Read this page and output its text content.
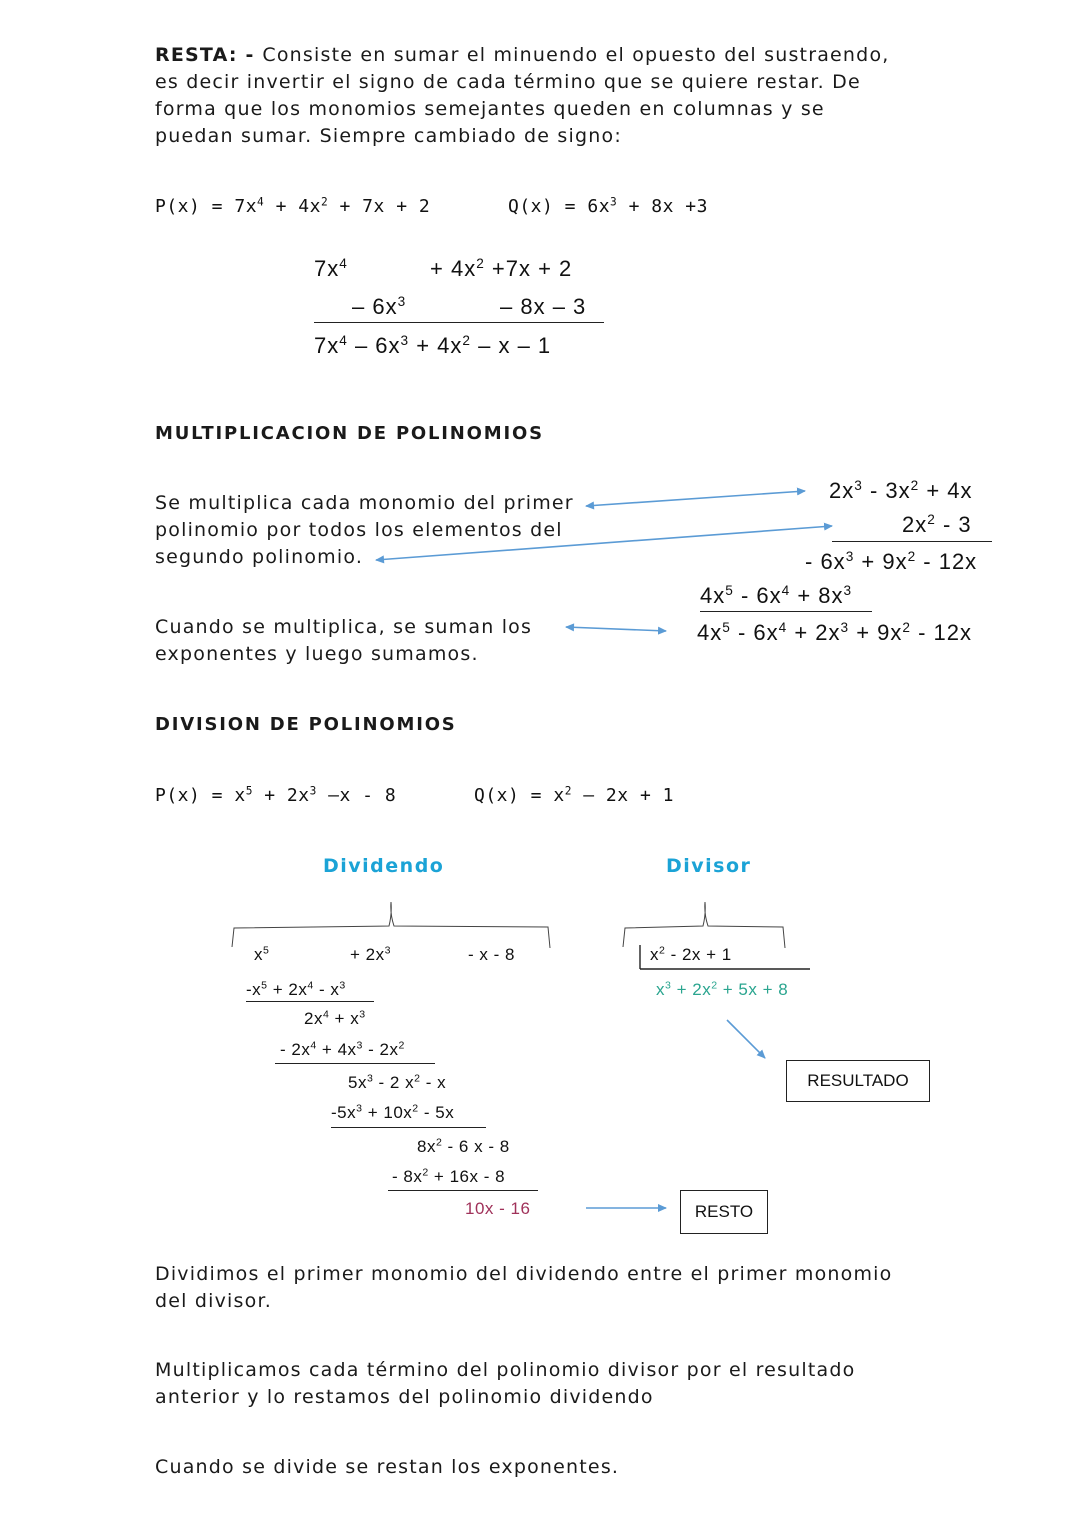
RESTA: - Consiste en sumar el minuendo el opuesto del sustraendo,
es decir invertir el signo de cada término que se quiere restar. De
forma que los monomios semejantes queden en columnas y se
puedan sumar. Siempre cambiado de signo:
$P(x) = 7x^4 + 4x^2 + 7x + 2$	$Q(x) = 6x^3 + 8x +3$
$7x^4$	+ $4x^2 +7x + 2$
– $6x^3$	– 8x – 3
$7x^4 - 6x^3 + 4x^2 - x - 1$
MULTIPLICACION DE POLINOMIOS
Se multiplica cada monomio del primer
polinomio por todos los elementos del
segundo polinomio.
Cuando se multiplica, se suman los
exponentes y luego sumamos.
$2x^3 - 3x^2 + 4x$
$2x^2 - 3$
- $6x^3 + 9x^2 - 12x$
$4x^5 - 6x^4 + 8x^3$
$4x^5 - 6x^4 + 2x^3 + 9x^2 - 12x$
DIVISION DE POLINOMIOS
$P(x) = x^5 + 2x^3$ –x - 8	$Q(x) = x^2 - 2x + 1$
Dividendo	Divisor
$x^5$	+ $2x^3$	- x - 8
$-x^5 + 2x^4 - x^3$
$2x^4 + x^3$
- $2x^4 + 4x^3 - 2x^2$
$5x^3 - 2$ $x^2$ - x
$-5x^3 + 10x^2 - 5x$
$8x^2 - 6$ x - 8
- $8x^2 + 16x - 8$
10x - 16
$x^2 - 2x + 1$
$x^3 + 2x^2 + 5x + 8$
RESULTADO
RESTO
Dividimos el primer monomio del dividendo entre el primer monomio
del divisor.
Multiplicamos cada término del polinomio divisor por el resultado
anterior y lo restamos del polinomio dividendo
Cuando se divide se restan los exponentes.
